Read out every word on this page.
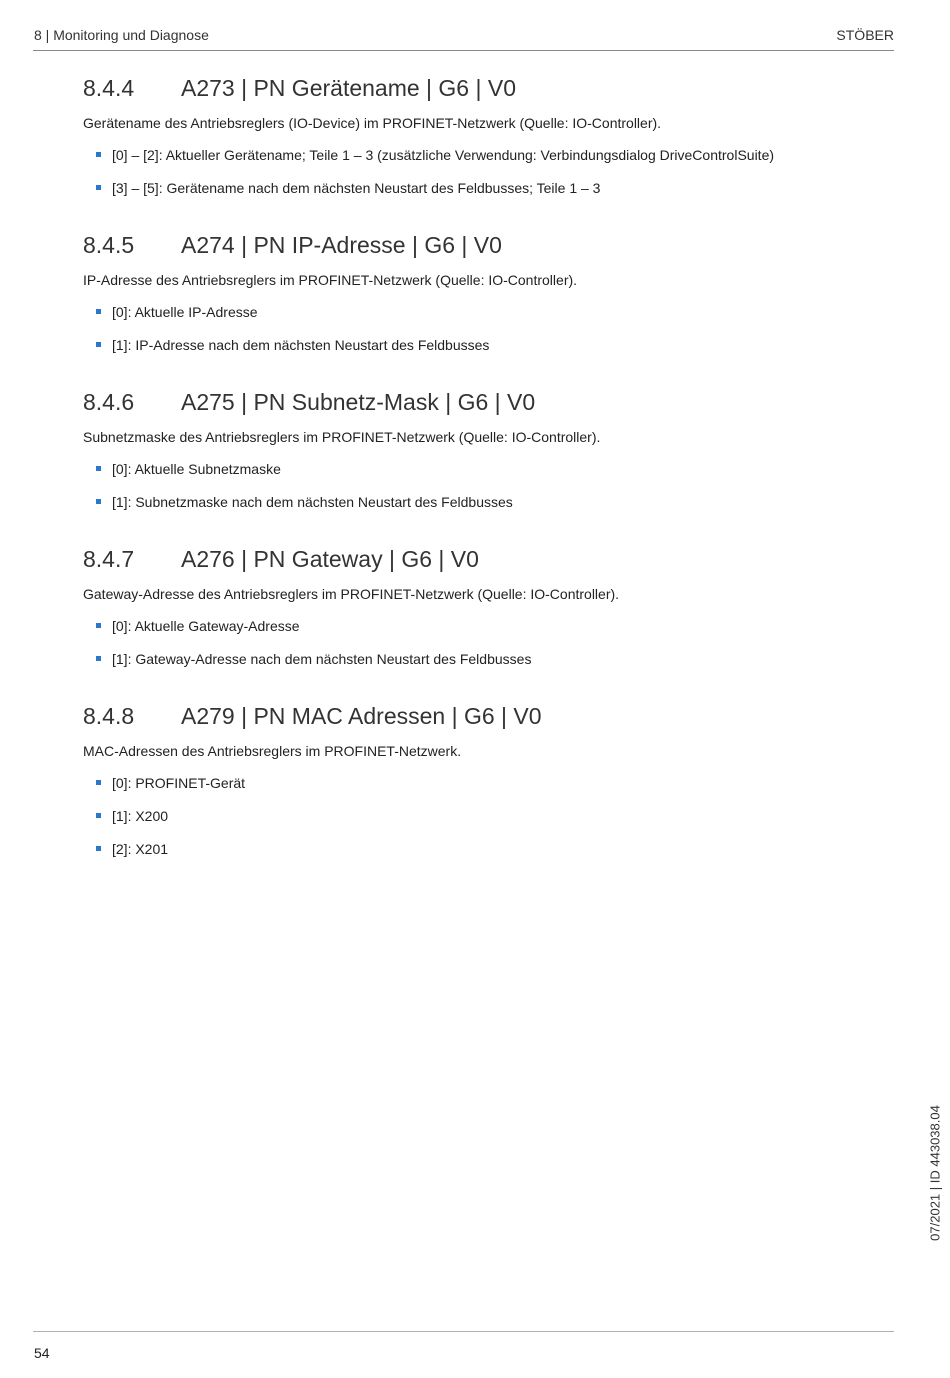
8 | Monitoring und Diagnose	STÖBER
8.4.4 A273 | PN Gerätename | G6 | V0

Gerätename des Antriebsreglers (IO-Device) im PROFINET-Netzwerk (Quelle: IO-Controller).

[0] – [2]: Aktueller Gerätename; Teile 1 – 3 (zusätzliche Verwendung: Verbindungsdialog DriveControlSuite)
[3] – [5]: Gerätename nach dem nächsten Neustart des Feldbusses; Teile 1 – 3
8.4.5 A274 | PN IP-Adresse | G6 | V0

IP-Adresse des Antriebsreglers im PROFINET-Netzwerk (Quelle: IO-Controller).

[0]: Aktuelle IP-Adresse
[1]: IP-Adresse nach dem nächsten Neustart des Feldbusses
8.4.6 A275 | PN Subnetz-Mask | G6 | V0

Subnetzmaske des Antriebsreglers im PROFINET-Netzwerk (Quelle: IO-Controller).

[0]: Aktuelle Subnetzmaske
[1]: Subnetzmaske nach dem nächsten Neustart des Feldbusses
8.4.7 A276 | PN Gateway | G6 | V0

Gateway-Adresse des Antriebsreglers im PROFINET-Netzwerk (Quelle: IO-Controller).

[0]: Aktuelle Gateway-Adresse
[1]: Gateway-Adresse nach dem nächsten Neustart des Feldbusses
8.4.8 A279 | PN MAC Adressen | G6 | V0

MAC-Adressen des Antriebsreglers im PROFINET-Netzwerk.

[0]: PROFINET-Gerät
[1]: X200
[2]: X201
07/2021 | ID 443038.04
54
